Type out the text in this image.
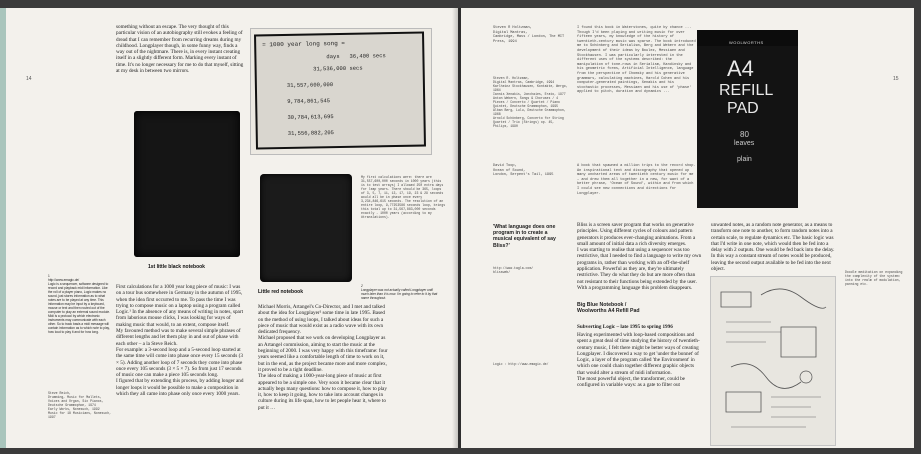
14
something without an escape. The very thought of this particular vision of an autobiography still evokes a feeling of dread that I can remember from recurring dreams during my childhood. Longplayer though, in some funny way, finds a way out of the nightmare. There is, in every instant creating itself in a slightly different form. Marking every instant of time. It's no longer necessary for me to do that myself, sitting at my desk in between two mirrors.
= 1000 year long song =
days   36,400 secs
31,536,000 secs
31,557,600,000
9,784,861,545
30,784,613,695
31,556,882,205
1st little black notebook
Little red notebook
My first calculations were: there are 31,557,600,000 seconds in 1000 years (this is to test arrays) I allowed 250 extra days for leap years. There should be 365, loops of 3, 5, 7, 11, 13, 17, 19, 23 & 29 seconds would all be in phase once every 3,234,846,615 seconds. The resolution of an entire loop, 9,77253586 seconds loop, brings this total up to 31,567,883,000 seconds exactly - 1000 years (according to my #translations).
1
http://www.emagic.de/
Logic is a sequencer, software designed to record and playback midi information. Like the roll of a player piano, Logic makes no sound, just stores information as to what notes are to be played at any time. This information may be input by a keyboard, mouse or text and then routed out of the computer to play an external sound module. Midi is a protocol by which electronic instruments may communicate with each other. So to track basis a midi message will contain information as to which note to play, how loud to play it and for how long.
Steve Reich,
Drumming, Music for Mallets, Voices and Organ, Six Pianos, Deutsche Grammophon, 1974
Early Works, Nonesuch, 1992
Music for 18 Musicians, Nonesuch, 1997
First calculations for a 1000 year long piece of music: I was on a tour bus somewhere in Germany in the autumn of 1995, when the idea first occurred to me. To pass the time I was trying to compose music on a laptop using a program called Logic.¹ In the absence of any means of writing in notes, spart from laborious mouse clicks, I was looking for ways of making music that would, to an extent, compose itself.
My favoured method was to make several simple phrases of different lengths and let them play in and out of phase with each other – a la Steve Reich.
For example: a 3-second loop and a 5-second loop started at the same time will come into phase once every 15 seconds (3 × 5). Adding another loop of 7 seconds they come into phase once every 105 seconds (3 × 5 × 7). So from just 17 seconds of music one can make a piece 105 seconds long.
I figured that by extending this process, by adding longer and longer loops it would be possible to make a composition in which they all came into phase only once every 1000 years.
Michael Morris, Artangel's Co-Director, and I met and talked about the idea for Longplayer² some time in late 1995. Based on the method of using loops, I talked about ideas for such a piece of music that would exist as a radio wave with its own dedicated frequency.
Michael proposed that we work on developing Longplayer as an Artangel commission, aiming to start the music at the beginning of 2000. I was very happy with this timeframe: four years seemed like a comfortable length of time to work on it, but in the end, as the project became more and more complex, it proved to be a tight deadline.
The idea of making a 1000-year-long piece of music at first appeared to be a simple one. Very soon it became clear that it actually begs many questions: how to compose it, how to play it, how to keep it going, how to take into account changes in culture during its life span, how to let people hear it, where to put it …
2
Longplayer was not actually called Longplayer until much later than it is now. I'm going to refer to it by that name throughout.
15
Steven R Holtzman,
Digital Mantras,
Cambridge, Mass / London, The MIT Press, 1994
Steven R. Holtzman,
Digital Mantras, Cambridge, 1994
Karlheinz Stockhausen, Kontakte, Wergo, 1964
Iannis Xenakis, Jonchaies, Erato, 1977
Anton Webern, Songs & Choruses / 4 Pieces / Concerto / Quartet / Piano Quintet, Deutsche Grammophon, 1995
Alban Berg, Lulu, Deutsche Grammophon, 1968
Arnold Schönberg, Concerto for String Quartet / Trio (Strings) op. 45, Philips, 1990
I found this book in Waterstones, quite by chance ...
Though I'd been playing and writing music for over fifteen years, my knowledge of the history of twentieth-century music was sparse. The book introduced me to Schönberg and Serialism, Berg and Webern and the development of their ideas by Boulez, Messiaen and Stockhausen. I was particularly interested in the different uses of the systems described: the manipulation of tone-rows in Serialism, Kandinsky and his geometric forms, Artificial Intelligence, language from the perspective of Chomsky and his generative grammars, calculating machines, Harold Cohen and his computer-generated paintings, Xenakis and his stochastic processes, Messiaen and his use of 'phase' applied to pitch, duration and dynamics ...
David Toop,
Ocean of Sound,
London, Serpent's Tail, 1995
A book that spawned a million trips to the record shop. An inspirational text and discography that opened up many uncharted areas of twentieth century music for me – and drew them all together in a new, for want of a better phrase, 'Ocean of Sound', within and from which I could see new connections and directions for Longplayer.
'What language does one program in to create a musical equivalent of say Bliss?'
http://www.tagla.com/
blissweb/
Bliss is a screen saver program that works on generative principles. Using different cycles of colours and pattern generators it produces ever-changing animations. From a small amount of initial data a rich diversity emerges.
I was starting to realise that using a sequencer was too restrictive, that I needed to find a language to write my own programs in, rather than working with an off-the-shelf application. Powerful as they are, they're ultimately restrictive. They do what they do but are more often than not resistant to their functions being extended by the user. With a programming language this problem disappears.
Big Blue Notebook /
Woolworths A4 Refill Pad
Logic : http://www.emagic.de/
Subverting Logic – late 1995 to spring 1996
Having experimented with loop-based compositions and spent a great deal of time studying the history of twentieth-century music, I felt there might be better ways of creating Longplayer. I discovered a way to get 'under the bonnet' of Logic, a layer of the program called 'the Environment' in which one could chain together different graphic objects that would alter a stream of midi information.
The most powerful object, the transformer, could be configured in variable ways: as a gate to filter out
WOOLWORTHS
A4
REFILL
PAD
80
leaves
plain
unwanted notes, as a random note generator, as a means to transform one note to another, to form random notes into a certain scale, to regulate dynamics etc. The basic logic was that I'd write in one note, which would then be fed into a delay with 2 outputs. One would be fed back into the delay. In this way a constant stream of notes would be produced, leaving the second output available to be fed into the next object.	Doodle meditation on expanding the complexity of the system: into the realm of modulation, panning etc.
